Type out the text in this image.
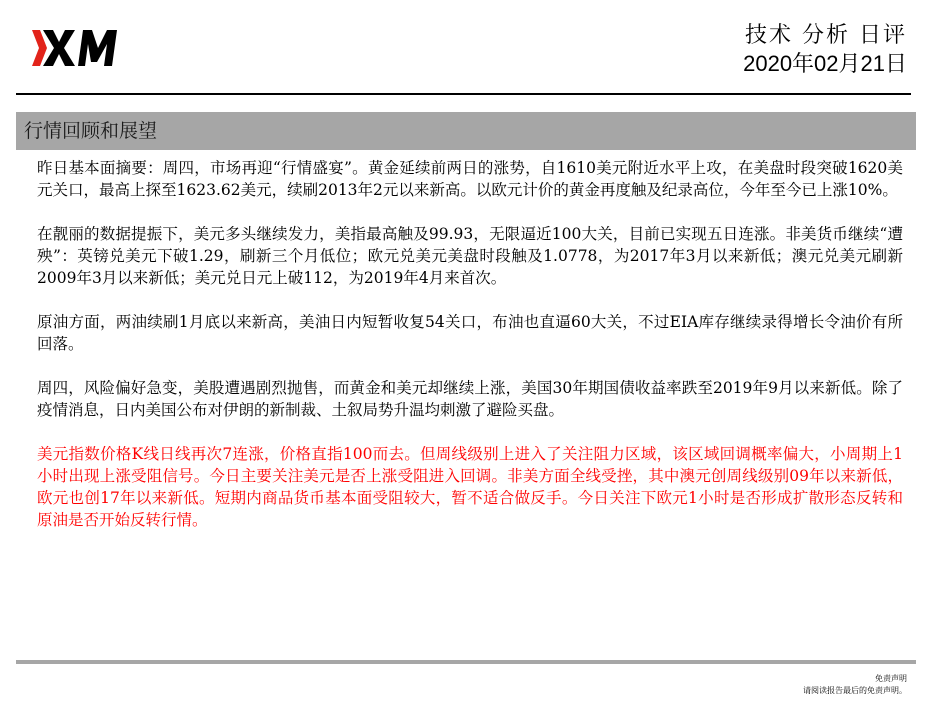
技术 分析 日评
2020年02月21日
行情回顾和展望

昨日基本面摘要：周四，市场再迎“行情盛宴”。黄金延续前两日的涨势，自1610美元附近水平上攻，在美盘时段突破1620美元关口，最高上探至1623.62美元，续刷2013年2元以来新高。以欧元计价的黄金再度触及纪录高位，今年至今已上涨10%。

在靓丽的数据提振下，美元多头继续发力，美指最高触及99.93，无限逼近100大关，目前已实现五日连涨。非美货币继续“遭殃”：英镑兑美元下破1.29，刷新三个月低位；欧元兑美元美盘时段触及1.0778，为2017年3月以来新低；澳元兑美元刷新2009年3月以来新低；美元兑日元上破112，为2019年4月来首次。

原油方面，两油续刷1月底以来新高，美油日内短暂收复54关口，布油也直逼60大关，不过EIA库存继续录得增长令油价有所回落。

周四，风险偏好急变，美股遭遇剧烈抛售，而黄金和美元却继续上涨，美国30年期国债收益率跌至2019年9月以来新低。除了疫情消息，日内美国公布对伊朗的新制裁、土叙局势升温均刺激了避险买盘。

美元指数价格K线日线再次7连涨，价格直指100而去。但周线级别上进入了关注阻力区域，该区域回调概率偏大，小周期上1小时出现上涨受阻信号。今日主要关注美元是否上涨受阻进入回调。非美方面全线受挫，其中澳元创周线级别09年以来新低，欧元也创17年以来新低。短期内商品货币基本面受阻较大，暂不适合做反手。今日关注下欧元1小时是否形成扩散形态反转和原油是否开始反转行情。

免责声明
请阅读报告最后的免责声明。
